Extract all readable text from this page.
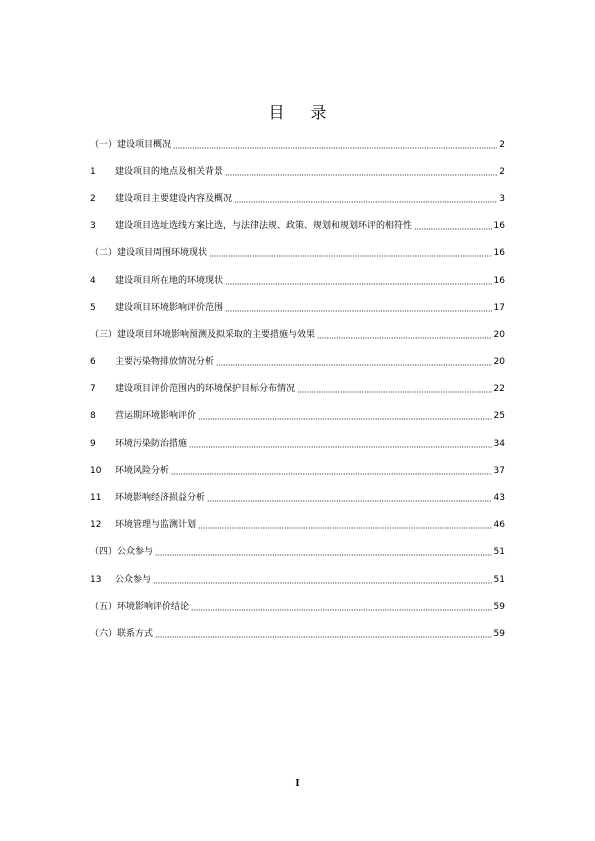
目 录
（一）建设项目概况	2
1	建设项目的地点及相关背景	2
2	建设项目主要建设内容及概况	3
3	建设项目选址选线方案比选，与法律法规、政策、规划和规划环评的相符性	16
（二）建设项目周围环境现状	16
4	建设项目所在地的环境现状	16
5	建设项目环境影响评价范围	17
（三）建设项目环境影响预测及拟采取的主要措施与效果	20
6	主要污染物排放情况分析	20
7	建设项目评价范围内的环境保护目标分布情况	22
8	营运期环境影响评价	25
9	环境污染防治措施	34
10	环境风险分析	37
11	环境影响经济损益分析	43
12	环境管理与监测计划	46
（四）公众参与	51
13	公众参与	51
（五）环境影响评价结论	59
（六）联系方式	59
I
